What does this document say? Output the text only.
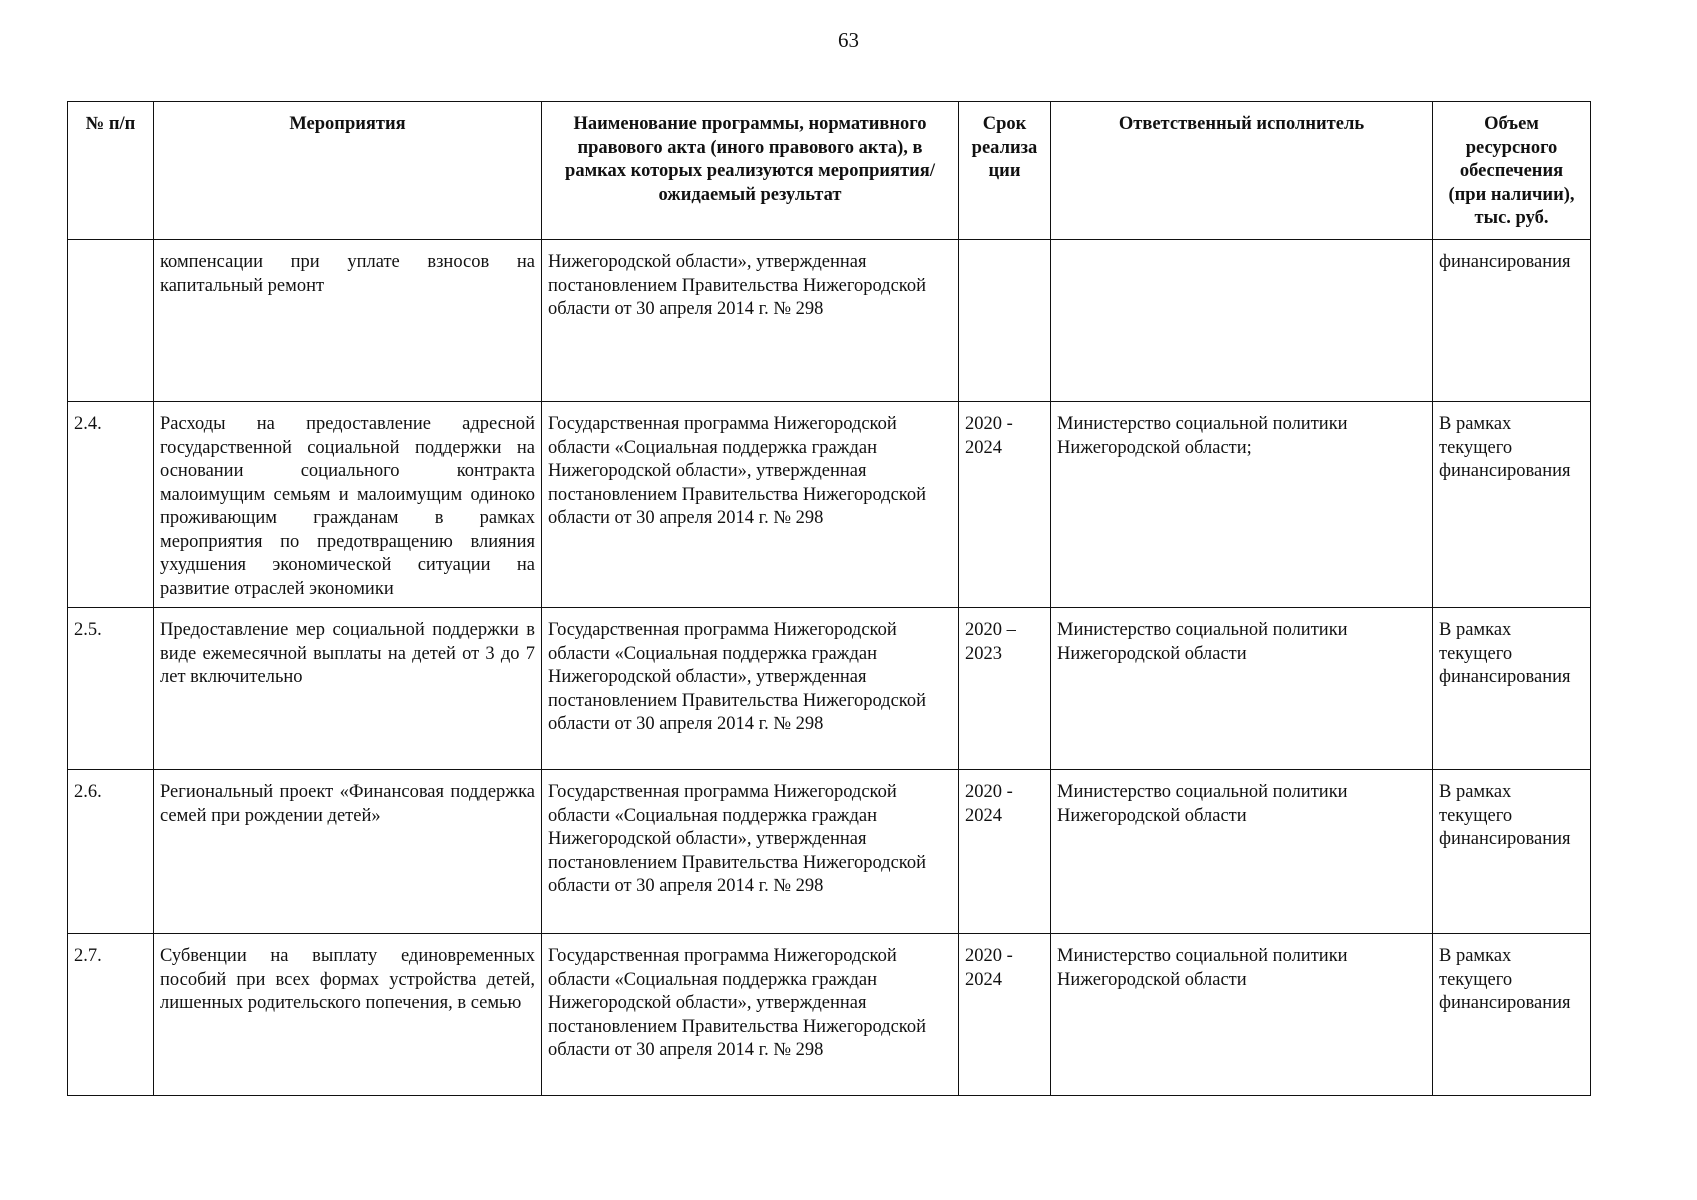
63
№ п/п	Мероприятия	Наименование программы, нормативного правового акта (иного правового акта), в рамках которых реализуются мероприятия/ ожидаемый результат	Срок реализа ции	Ответственный исполнитель	Объем ресурсного обеспечения (при наличии), тыс. руб.
	компенсации при уплате взносов на капитальный ремонт	Нижегородской области», утвержденная постановлением Правительства Нижегородской области от 30 апреля 2014 г. № 298			финансирования
2.4.	Расходы на предоставление адресной государственной социальной поддержки на основании социального контракта малоимущим семьям и малоимущим одиноко проживающим гражданам в рамках мероприятия по предотвращению влияния ухудшения экономической ситуации на развитие отраслей экономики	Государственная программа Нижегородской области «Социальная поддержка граждан Нижегородской области», утвержденная постановлением Правительства Нижегородской области от 30 апреля 2014 г. № 298	2020 - 2024	Министерство социальной политики Нижегородской области;	В рамках текущего финансирования
2.5.	Предоставление мер социальной поддержки в виде ежемесячной выплаты на детей от 3 до 7 лет включительно	Государственная программа Нижегородской области «Социальная поддержка граждан Нижегородской области», утвержденная постановлением Правительства Нижегородской области от 30 апреля 2014 г. № 298	2020 – 2023	Министерство социальной политики Нижегородской области	В рамках текущего финансирования
2.6.	Региональный проект «Финансовая поддержка семей при рождении детей»	Государственная программа Нижегородской области «Социальная поддержка граждан Нижегородской области», утвержденная постановлением Правительства Нижегородской области от 30 апреля 2014 г. № 298	2020 - 2024	Министерство социальной политики Нижегородской области	В рамках текущего финансирования
2.7.	Субвенции на выплату единовременных пособий при всех формах устройства детей, лишенных родительского попечения, в семью	Государственная программа Нижегородской области «Социальная поддержка граждан Нижегородской области», утвержденная постановлением Правительства Нижегородской области от 30 апреля 2014 г. № 298	2020 - 2024	Министерство социальной политики Нижегородской области	В рамках текущего финансирования
